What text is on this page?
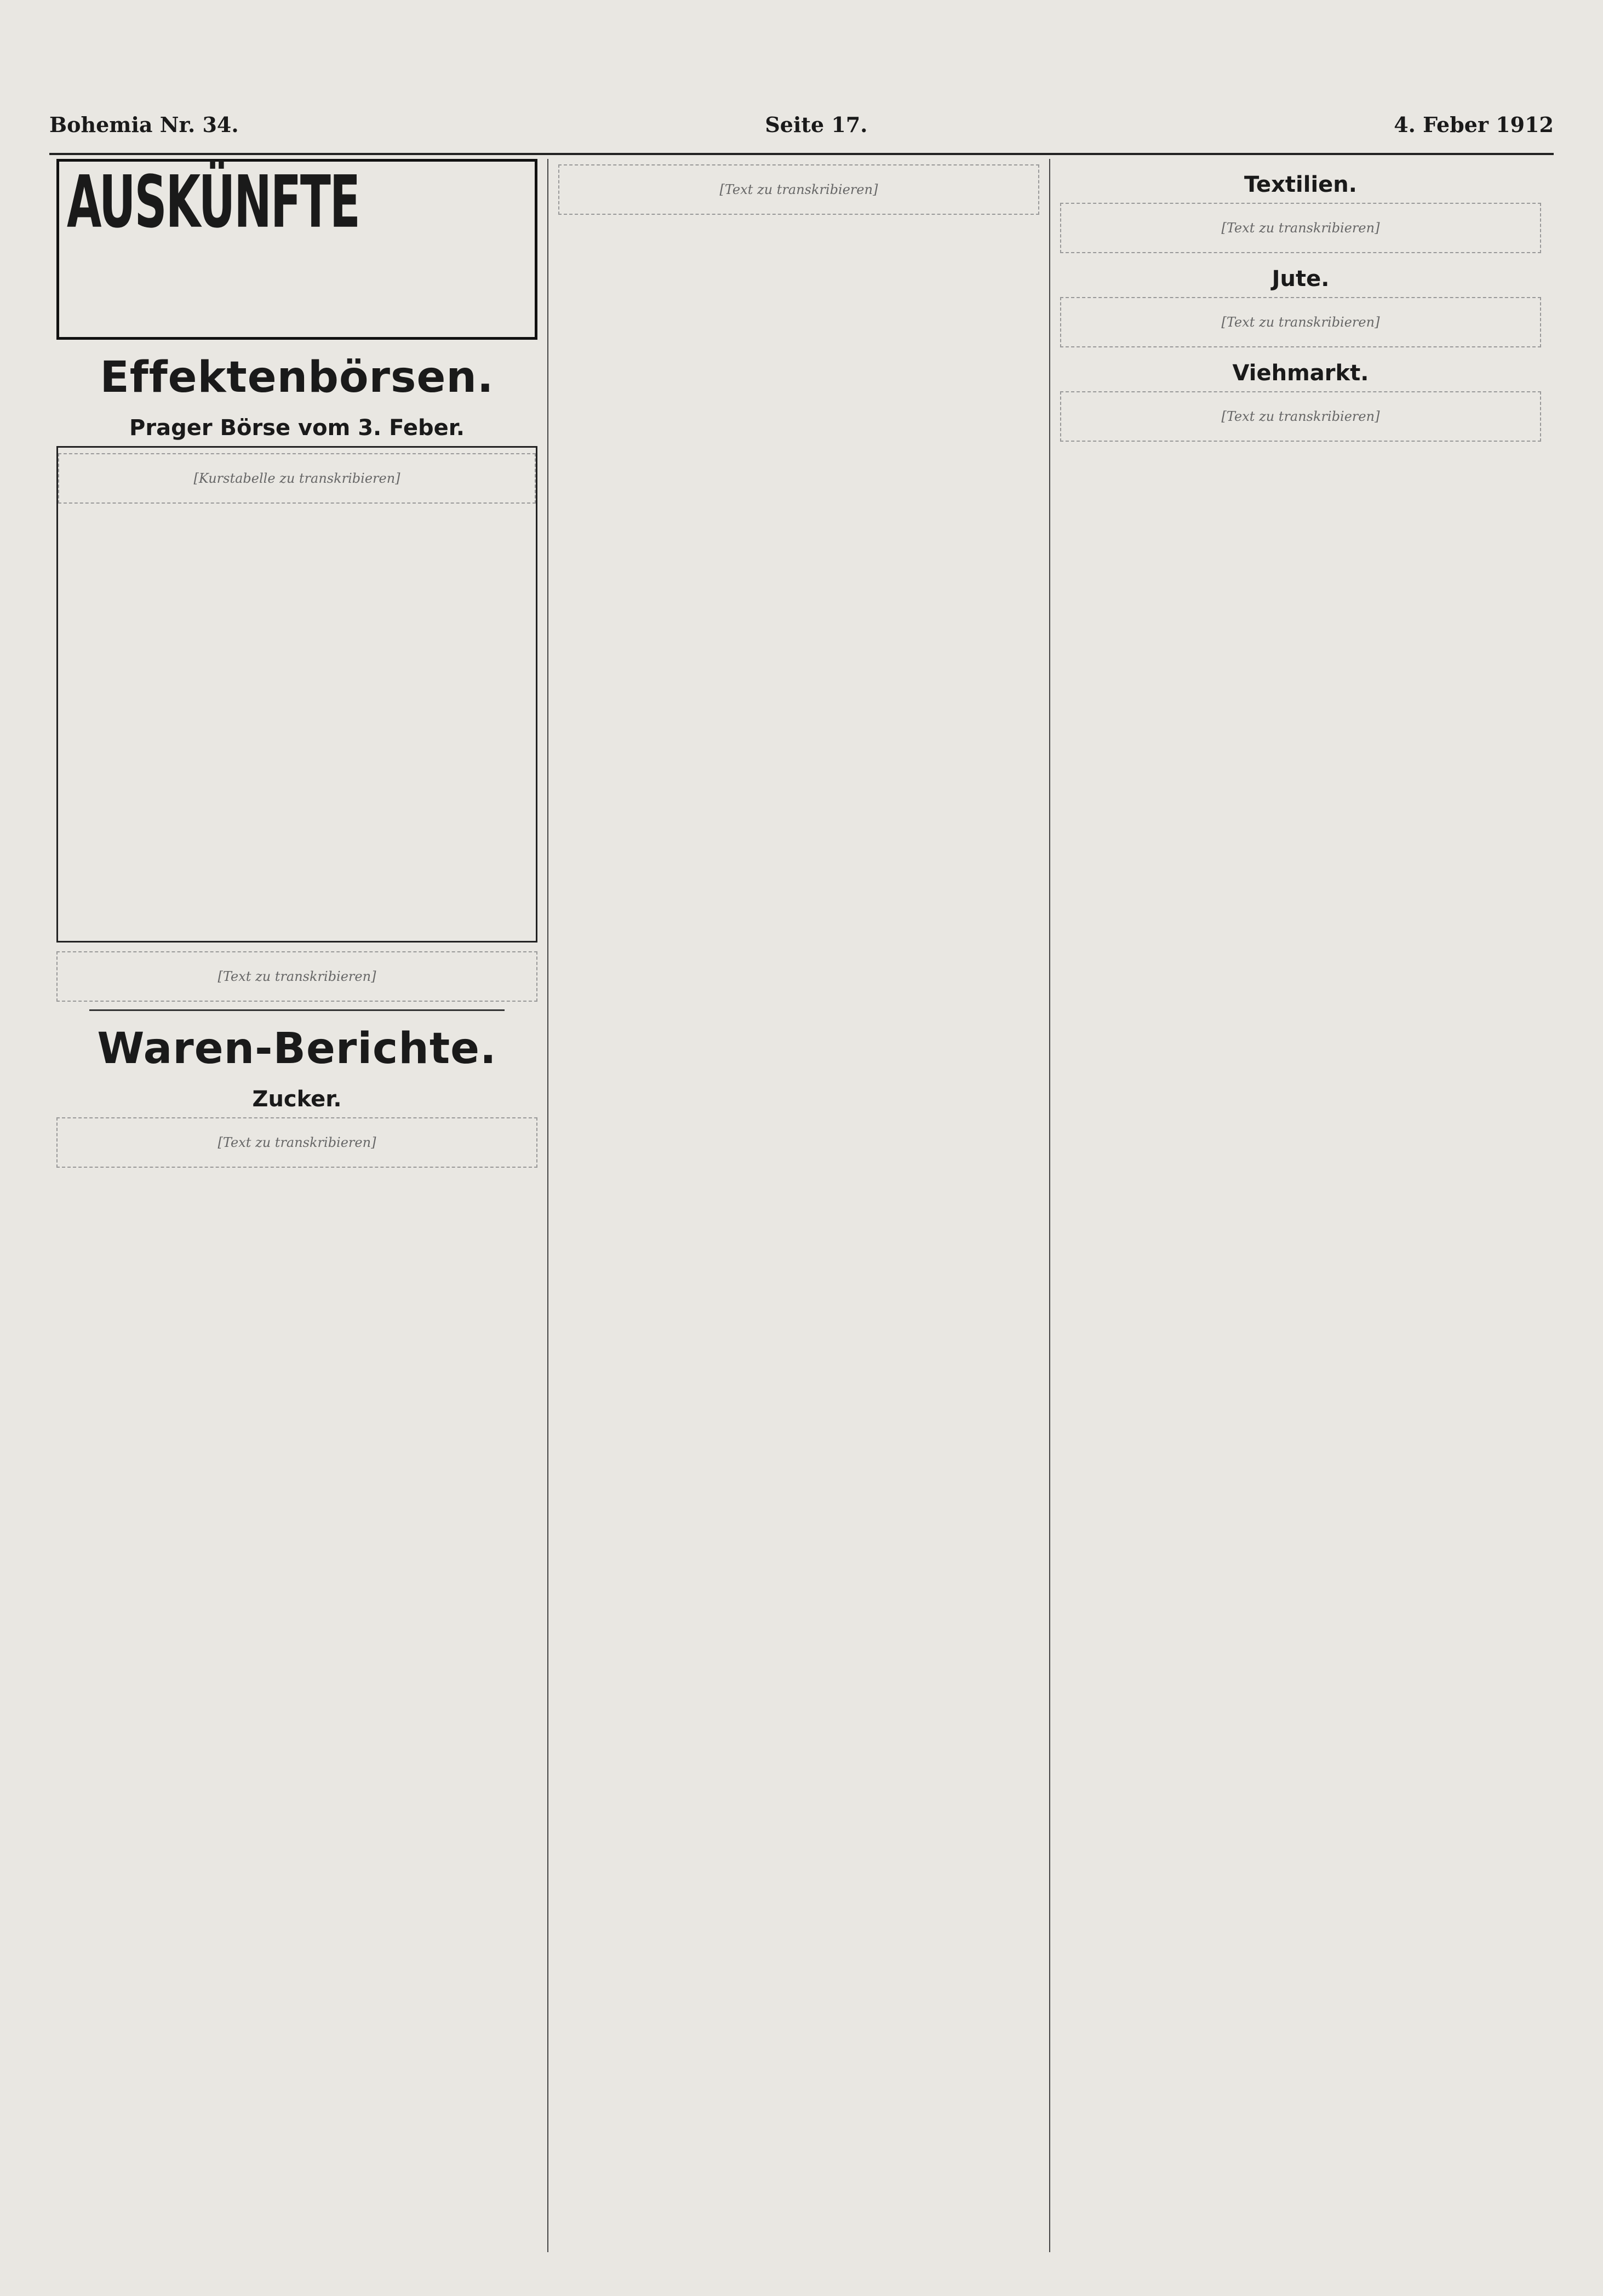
Bohemia Nr. 34.	Seite 17.	4. Feber 1912
AUSKÜNFTE
Effektenbörsen.
Prager Börse vom 3. Feber.
[Kurstabelle zu transkribieren]
[Text zu transkribieren]
Waren-Berichte.
Zucker.
[Text zu transkribieren]
[Text zu transkribieren]	Textilien.
[Text zu transkribieren]
Jute.
[Text zu transkribieren]
Viehmarkt.
[Text zu transkribieren]
